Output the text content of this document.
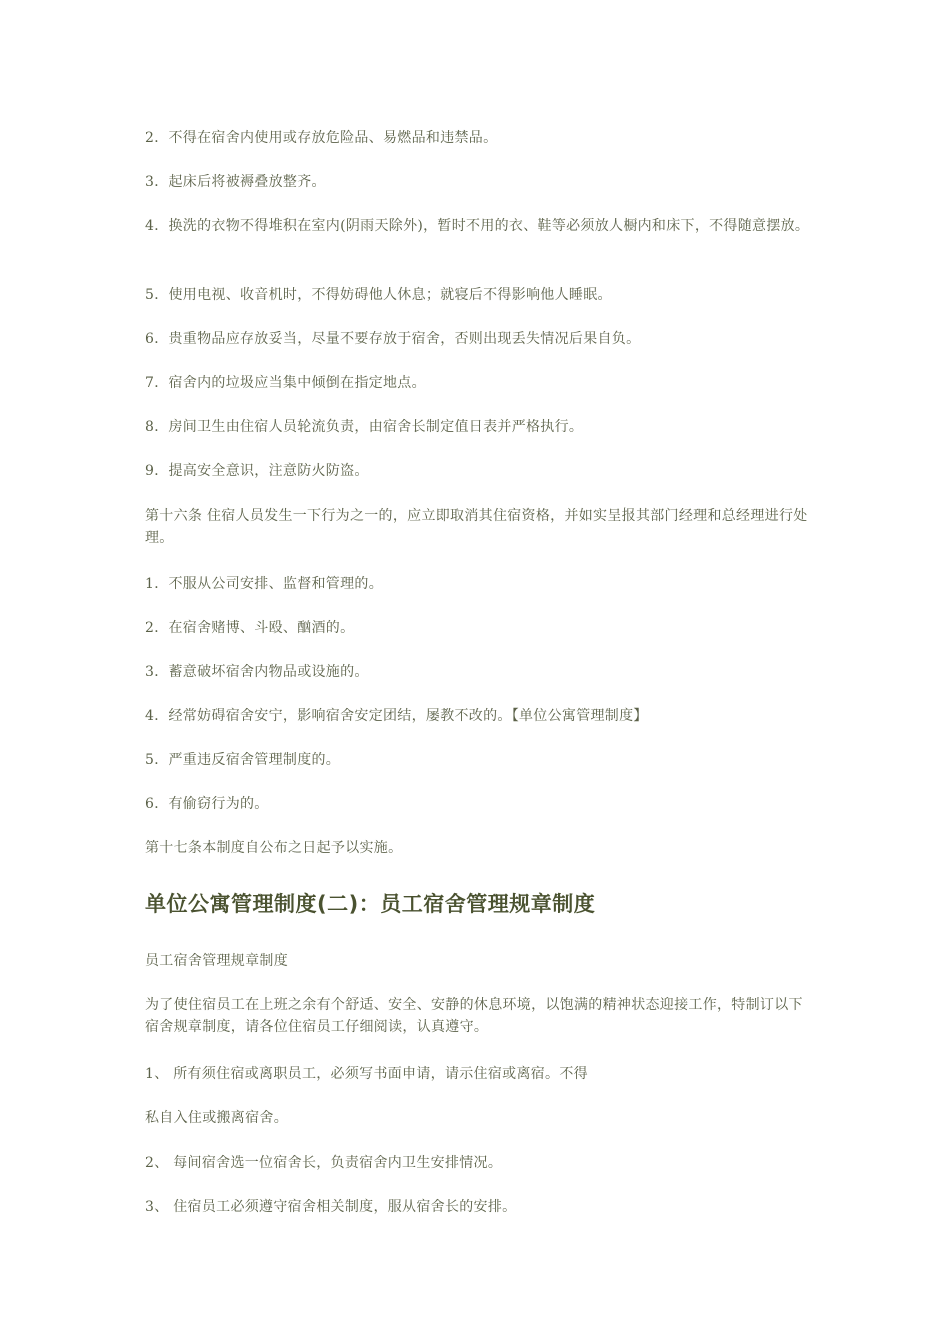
2．不得在宿舍内使用或存放危险品、易燃品和违禁品。
3．起床后将被褥叠放整齐。
4．换洗的衣物不得堆积在室内(阴雨天除外)，暂时不用的衣、鞋等必须放人橱内和床下，不得随意摆放。
5．使用电视、收音机时，不得妨碍他人休息；就寝后不得影响他人睡眠。
6．贵重物品应存放妥当，尽量不要存放于宿舍，否则出现丢失情况后果自负。
7．宿舍内的垃圾应当集中倾倒在指定地点。
8．房间卫生由住宿人员轮流负责，由宿舍长制定值日表并严格执行。
9．提高安全意识，注意防火防盗。
第十六条 住宿人员发生一下行为之一的，应立即取消其住宿资格，并如实呈报其部门经理和总经理进行处理。
1．不服从公司安排、监督和管理的。
2．在宿舍赌博、斗殴、酗酒的。
3．蓄意破坏宿舍内物品或设施的。
4．经常妨碍宿舍安宁，影响宿舍安定团结，屡教不改的。【单位公寓管理制度】
5．严重违反宿舍管理制度的。
6．有偷窃行为的。
第十七条本制度自公布之日起予以实施。
单位公寓管理制度(二)：员工宿舍管理规章制度
员工宿舍管理规章制度
为了使住宿员工在上班之余有个舒适、安全、安静的休息环境，以饱满的精神状态迎接工作，特制订以下宿舍规章制度，请各位住宿员工仔细阅读，认真遵守。
1、 所有须住宿或离职员工，必须写书面申请，请示住宿或离宿。不得
私自入住或搬离宿舍。
2、 每间宿舍选一位宿舍长，负责宿舍内卫生安排情况。
3、 住宿员工必须遵守宿舍相关制度，服从宿舍长的安排。
